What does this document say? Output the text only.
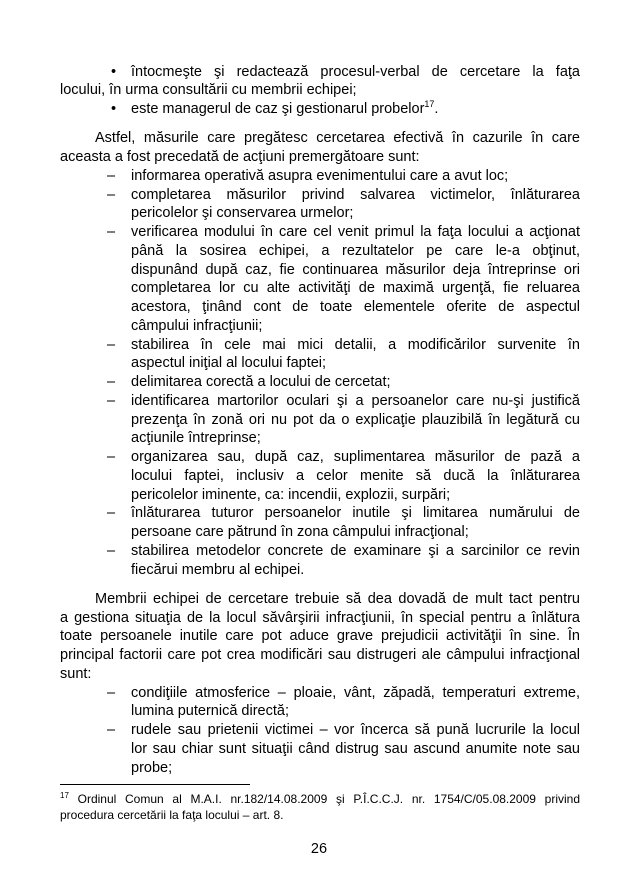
• întocmeşte şi redactează procesul-verbal de cercetare la faţa
locului, în urma consultării cu membrii echipei;
• este managerul de caz şi gestionarul probelor$^{17}$.
Astfel, măsurile care pregătesc cercetarea efectivă în cazurile în care
aceasta a fost precedată de acţiuni premergătoare sunt:
– informarea operativă asupra evenimentului care a avut loc;
– completarea măsurilor privind salvarea victimelor, înlăturarea
pericolelor şi conservarea urmelor;
– verificarea modului în care cel venit primul la faţa locului a acţionat
până la sosirea echipei, a rezultatelor pe care le-a obţinut,
dispunând după caz, fie continuarea măsurilor deja întreprinse ori
completarea lor cu alte activităţi de maximă urgenţă, fie reluarea
acestora, ţinând cont de toate elementele oferite de aspectul
câmpului infracţiunii;
– stabilirea în cele mai mici detalii, a modificărilor survenite în
aspectul iniţial al locului faptei;
– delimitarea corectă a locului de cercetat;
– identificarea martorilor oculari şi a persoanelor care nu-şi justifică
prezenţa în zonă ori nu pot da o explicaţie plauzibilă în legătură cu
acţiunile întreprinse;
– organizarea sau, după caz, suplimentarea măsurilor de pază a
locului faptei, inclusiv a celor menite să ducă la înlăturarea
pericolelor iminente, ca: incendii, explozii, surpări;
– înlăturarea tuturor persoanelor inutile şi limitarea numărului de
persoane care pătrund în zona câmpului infracţional;
– stabilirea metodelor concrete de examinare şi a sarcinilor ce revin
fiecărui membru al echipei.
Membrii echipei de cercetare trebuie să dea dovadă de mult tact pentru
a gestiona situaţia de la locul săvârşirii infracţiunii, în special pentru a înlătura
toate persoanele inutile care pot aduce grave prejudicii activităţii în sine. În
principal factorii care pot crea modificări sau distrugeri ale câmpului infracţional
sunt:
– condiţiile atmosferice – ploaie, vânt, zăpadă, temperaturi extreme,
lumina puternică directă;
– rudele sau prietenii victimei – vor încerca să pună lucrurile la locul
lor sau chiar sunt situaţii când distrug sau ascund anumite note sau
probe;
$^{17}$ Ordinul Comun al M.A.I. nr.182/14.08.2009 şi P.Î.C.C.J. nr. 1754/C/05.08.2009 privind
procedura cercetării la faţa locului – art. 8.
26
